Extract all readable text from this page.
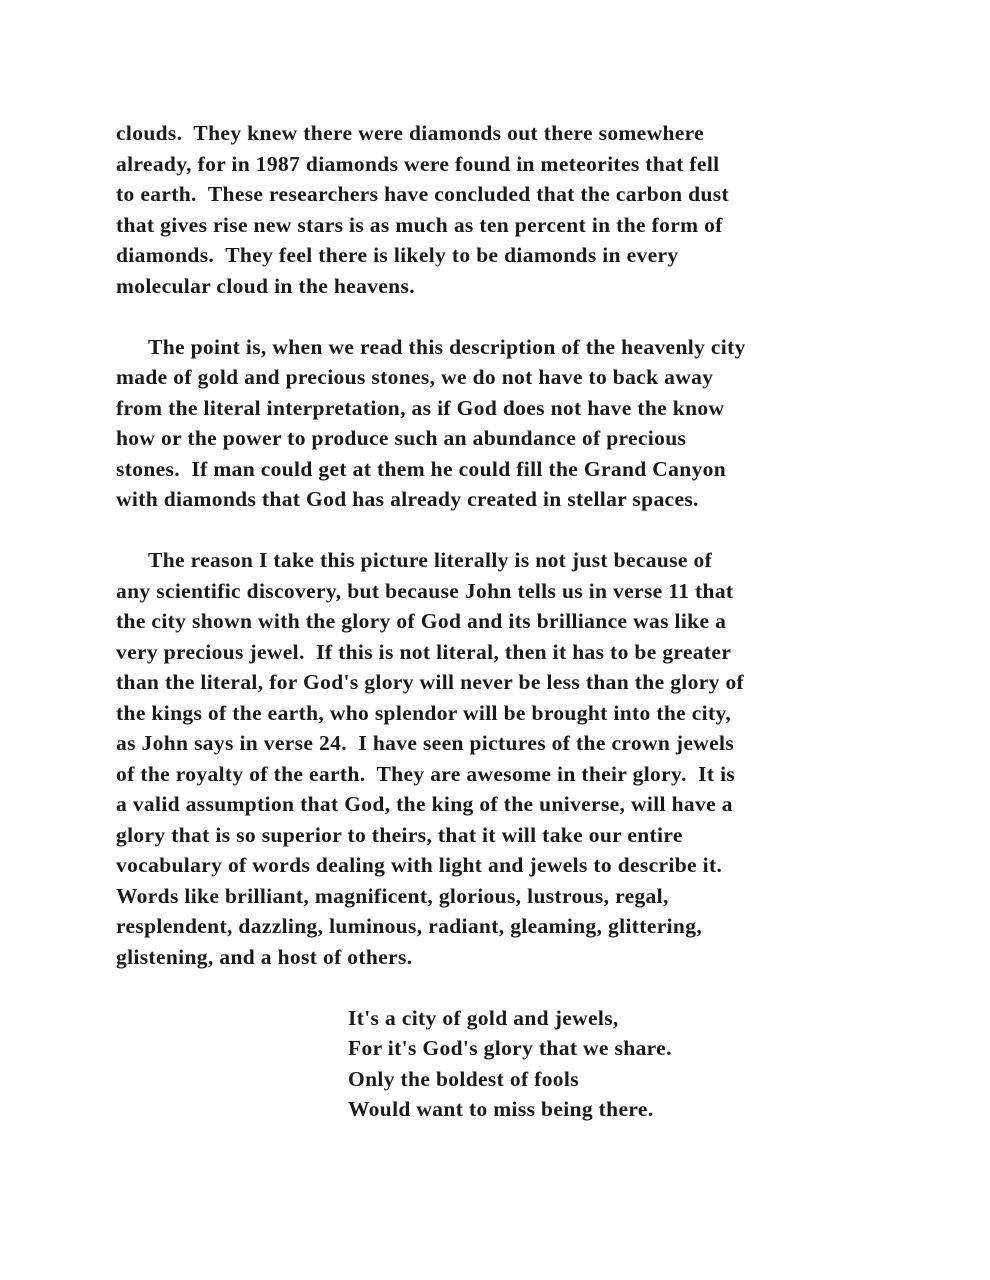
clouds.  They knew there were diamonds out there somewhere
already, for in 1987 diamonds were found in meteorites that fell
to earth.  These researchers have concluded that the carbon dust
that gives rise new stars is as much as ten percent in the form of
diamonds.  They feel there is likely to be diamonds in every
molecular cloud in the heavens.
The point is, when we read this description of the heavenly city
made of gold and precious stones, we do not have to back away
from the literal interpretation, as if God does not have the know
how or the power to produce such an abundance of precious
stones.  If man could get at them he could fill the Grand Canyon
with diamonds that God has already created in stellar spaces.
The reason I take this picture literally is not just because of
any scientific discovery, but because John tells us in verse 11 that
the city shown with the glory of God and its brilliance was like a
very precious jewel.  If this is not literal, then it has to be greater
than the literal, for God's glory will never be less than the glory of
the kings of the earth, who splendor will be brought into the city,
as John says in verse 24.  I have seen pictures of the crown jewels
of the royalty of the earth.  They are awesome in their glory.  It is
a valid assumption that God, the king of the universe, will have a
glory that is so superior to theirs, that it will take our entire
vocabulary of words dealing with light and jewels to describe it.
Words like brilliant, magnificent, glorious, lustrous, regal,
resplendent, dazzling, luminous, radiant, gleaming, glittering,
glistening, and a host of others.
It's a city of gold and jewels,
For it's God's glory that we share.
Only the boldest of fools
Would want to miss being there.
